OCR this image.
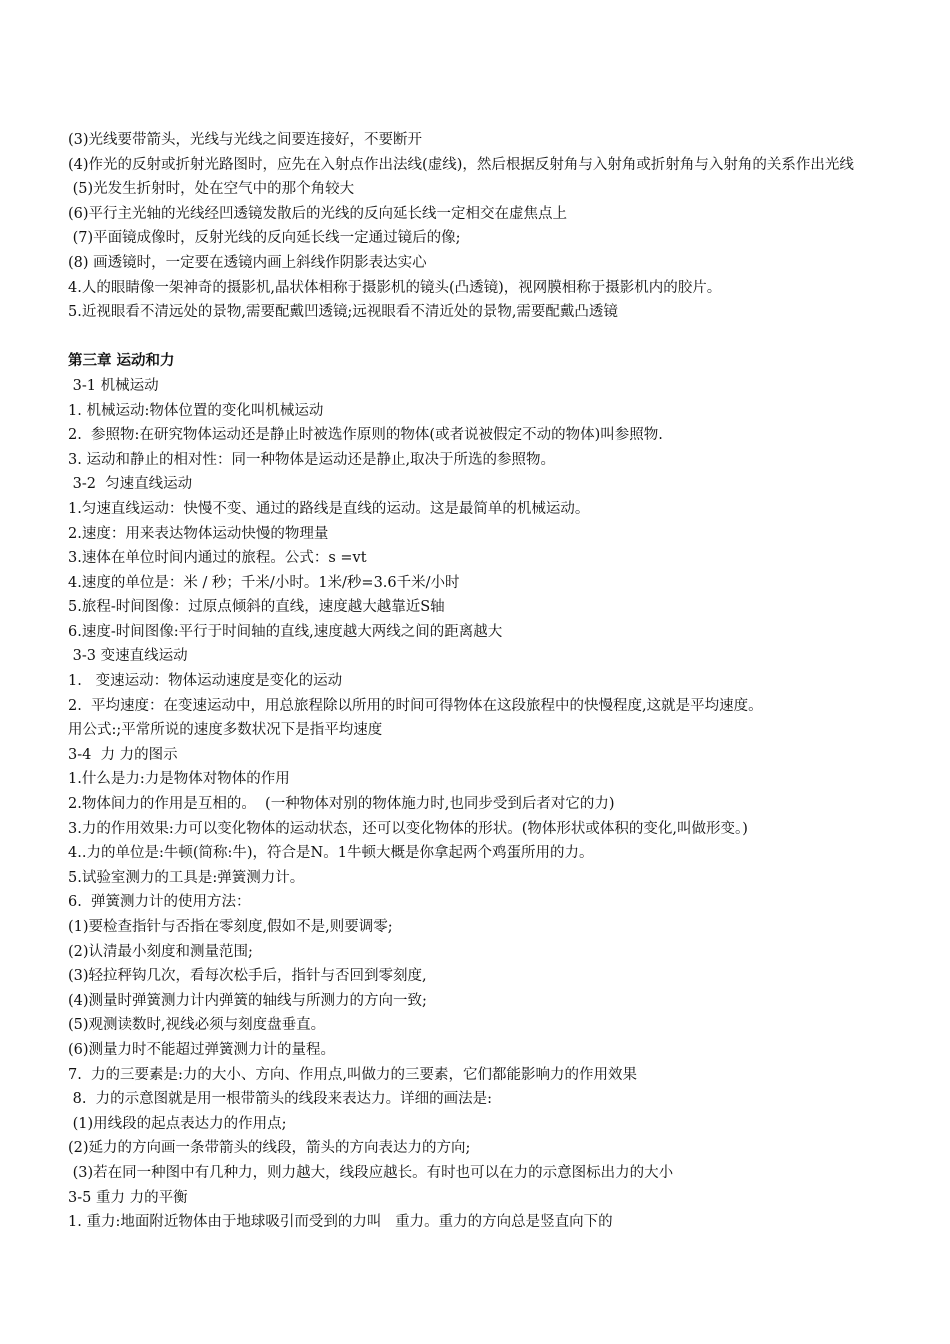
(3)光线要带箭头，光线与光线之间要连接好，不要断开
(4)作光的反射或折射光路图时，应先在入射点作出法线(虚线)，然后根据反射角与入射角或折射角与入射角的关系作出光线
(5)光发生折射时，处在空气中的那个角较大
(6)平行主光轴的光线经凹透镜发散后的光线的反向延长线一定相交在虚焦点上
(7)平面镜成像时，反射光线的反向延长线一定通过镜后的像;
(8) 画透镜时，一定要在透镜内画上斜线作阴影表达实心
4.人的眼睛像一架神奇的摄影机,晶状体相称于摄影机的镜头(凸透镜)，视网膜相称于摄影机内的胶片。
5.近视眼看不清远处的景物,需要配戴凹透镜;远视眼看不清近处的景物,需要配戴凸透镜
第三章 运动和力
3-1 机械运动
1. 机械运动:物体位置的变化叫机械运动
2.  参照物:在研究物体运动还是静止时被选作原则的物体(或者说被假定不动的物体)叫参照物.
3. 运动和静止的相对性：同一种物体是运动还是静止,取决于所选的参照物。
3-2  匀速直线运动
1.匀速直线运动：快慢不变、通过的路线是直线的运动。这是最简单的机械运动。
2.速度：用来表达物体运动快慢的物理量
3.速体在单位时间内通过的旅程。公式：s =vt
4.速度的单位是：米 / 秒；千米/小时。1米/秒=3.6千米/小时
5.旅程-时间图像：过原点倾斜的直线，速度越大越靠近S轴
6.速度-时间图像:平行于时间轴的直线,速度越大两线之间的距离越大
3-3 变速直线运动
1.   变速运动：物体运动速度是变化的运动
2.  平均速度：在变速运动中，用总旅程除以所用的时间可得物体在这段旅程中的快慢程度,这就是平均速度。
用公式:;平常所说的速度多数状况下是指平均速度
3-4  力 力的图示
1.什么是力:力是物体对物体的作用
2.物体间力的作用是互相的。  (一种物体对别的物体施力时,也同步受到后者对它的力)
3.力的作用效果:力可以变化物体的运动状态，还可以变化物体的形状。(物体形状或体积的变化,叫做形变。)
4..力的单位是:牛顿(简称:牛)，符合是N。1牛顿大概是你拿起两个鸡蛋所用的力。
5.试验室测力的工具是:弹簧测力计。
6.  弹簧测力计的使用方法：
(1)要检查指针与否指在零刻度,假如不是,则要调零;
(2)认清最小刻度和测量范围;
(3)轻拉秤钩几次，看每次松手后，指针与否回到零刻度,
(4)测量时弹簧测力计内弹簧的轴线与所测力的方向一致;
(5)观测读数时,视线必须与刻度盘垂直。
(6)测量力时不能超过弹簧测力计的量程。
7.  力的三要素是:力的大小、方向、作用点,叫做力的三要素，它们都能影响力的作用效果
8.  力的示意图就是用一根带箭头的线段来表达力。详细的画法是:
(1)用线段的起点表达力的作用点;
(2)延力的方向画一条带箭头的线段，箭头的方向表达力的方向;
(3)若在同一种图中有几种力，则力越大，线段应越长。有时也可以在力的示意图标出力的大小
3-5 重力 力的平衡
1. 重力:地面附近物体由于地球吸引而受到的力叫   重力。重力的方向总是竖直向下的
